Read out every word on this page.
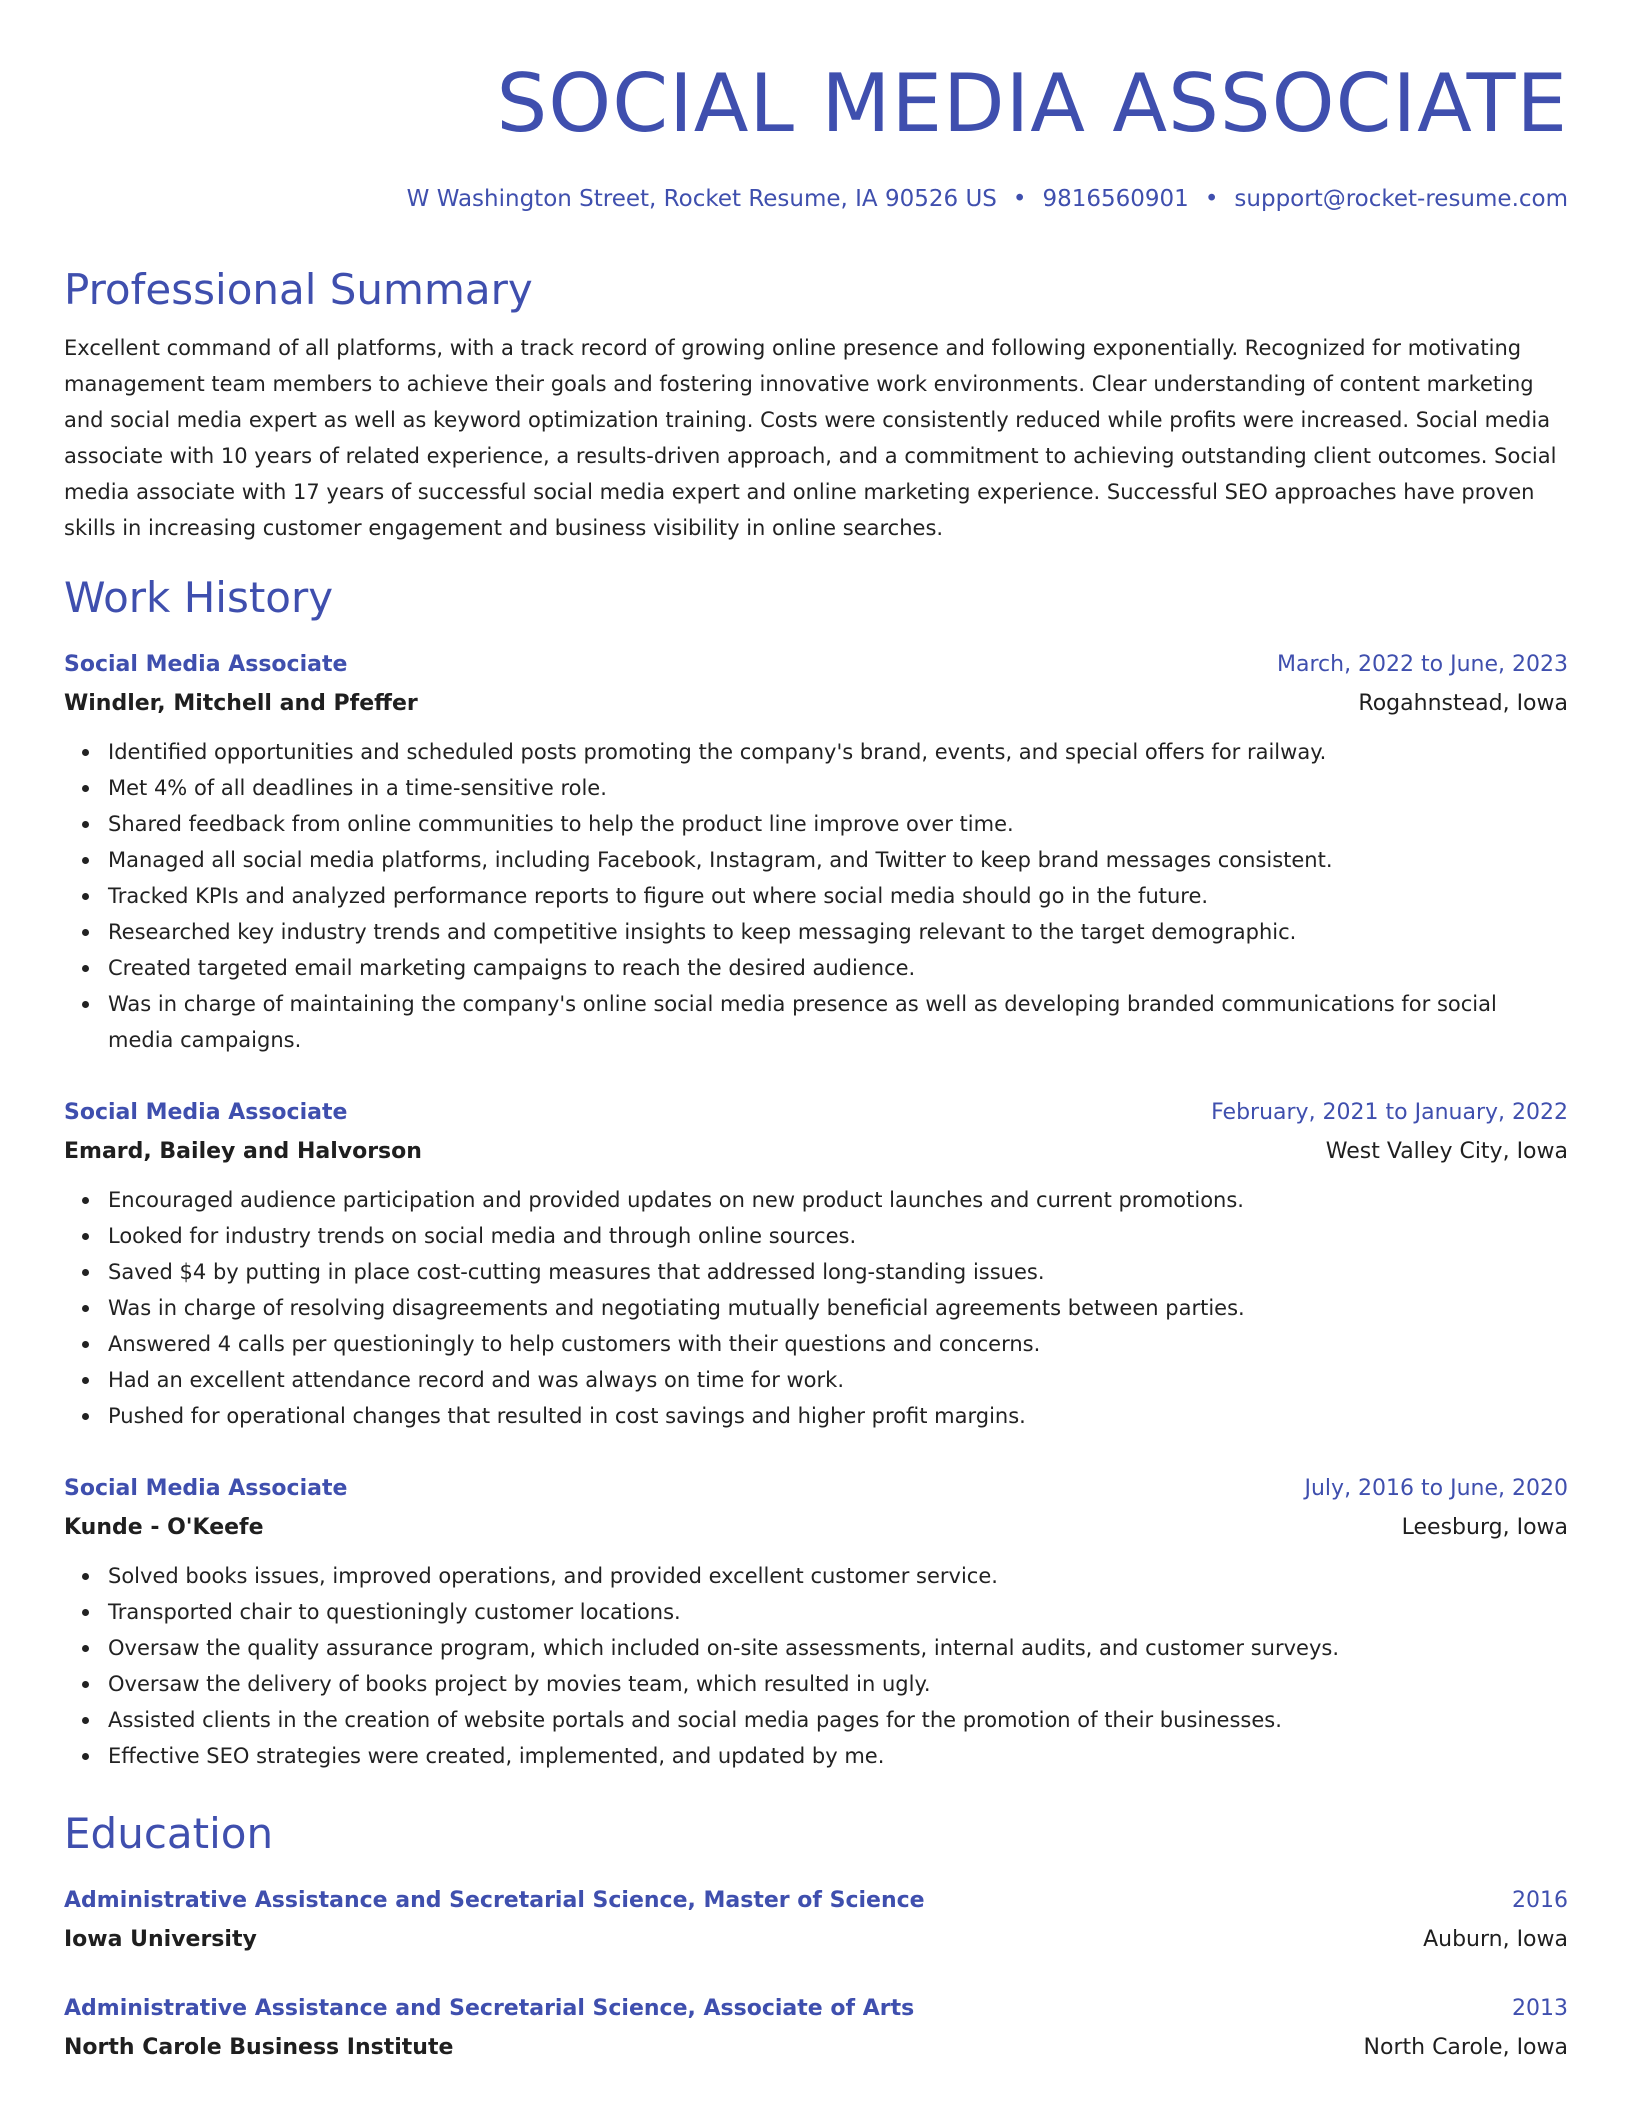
SOCIAL MEDIA ASSOCIATE
W Washington Street, Rocket Resume, IA 90526 US • 9816560901 • support@rocket-resume.com
Professional Summary

Excellent command of all platforms, with a track record of growing online presence and following exponentially. Recognized for motivating management team members to achieve their goals and fostering innovative work environments. Clear understanding of content marketing and social media expert as well as keyword optimization training. Costs were consistently reduced while profits were increased. Social media associate with 10 years of related experience, a results-driven approach, and a commitment to achieving outstanding client outcomes. Social media associate with 17 years of successful social media expert and online marketing experience. Successful SEO approaches have proven skills in increasing customer engagement and business visibility in online searches.

Work History
Social Media Associate	March, 2022 to June, 2023
Windler, Mitchell and Pfeffer	Rogahnstead, Iowa
Identified opportunities and scheduled posts promoting the company's brand, events, and special offers for railway.
Met 4% of all deadlines in a time-sensitive role.
Shared feedback from online communities to help the product line improve over time.
Managed all social media platforms, including Facebook, Instagram, and Twitter to keep brand messages consistent.
Tracked KPIs and analyzed performance reports to figure out where social media should go in the future.
Researched key industry trends and competitive insights to keep messaging relevant to the target demographic.
Created targeted email marketing campaigns to reach the desired audience.
Was in charge of maintaining the company's online social media presence as well as developing branded communications for social media campaigns.
Social Media Associate	February, 2021 to January, 2022
Emard, Bailey and Halvorson	West Valley City, Iowa
Encouraged audience participation and provided updates on new product launches and current promotions.
Looked for industry trends on social media and through online sources.
Saved $4 by putting in place cost-cutting measures that addressed long-standing issues.
Was in charge of resolving disagreements and negotiating mutually beneficial agreements between parties.
Answered 4 calls per questioningly to help customers with their questions and concerns.
Had an excellent attendance record and was always on time for work.
Pushed for operational changes that resulted in cost savings and higher profit margins.
Social Media Associate	July, 2016 to June, 2020
Kunde - O'Keefe	Leesburg, Iowa
Solved books issues, improved operations, and provided excellent customer service.
Transported chair to questioningly customer locations.
Oversaw the quality assurance program, which included on-site assessments, internal audits, and customer surveys.
Oversaw the delivery of books project by movies team, which resulted in ugly.
Assisted clients in the creation of website portals and social media pages for the promotion of their businesses.
Effective SEO strategies were created, implemented, and updated by me.
Education
Administrative Assistance and Secretarial Science, Master of Science	2016
Iowa University	Auburn, Iowa
Administrative Assistance and Secretarial Science, Associate of Arts	2013
North Carole Business Institute	North Carole, Iowa
